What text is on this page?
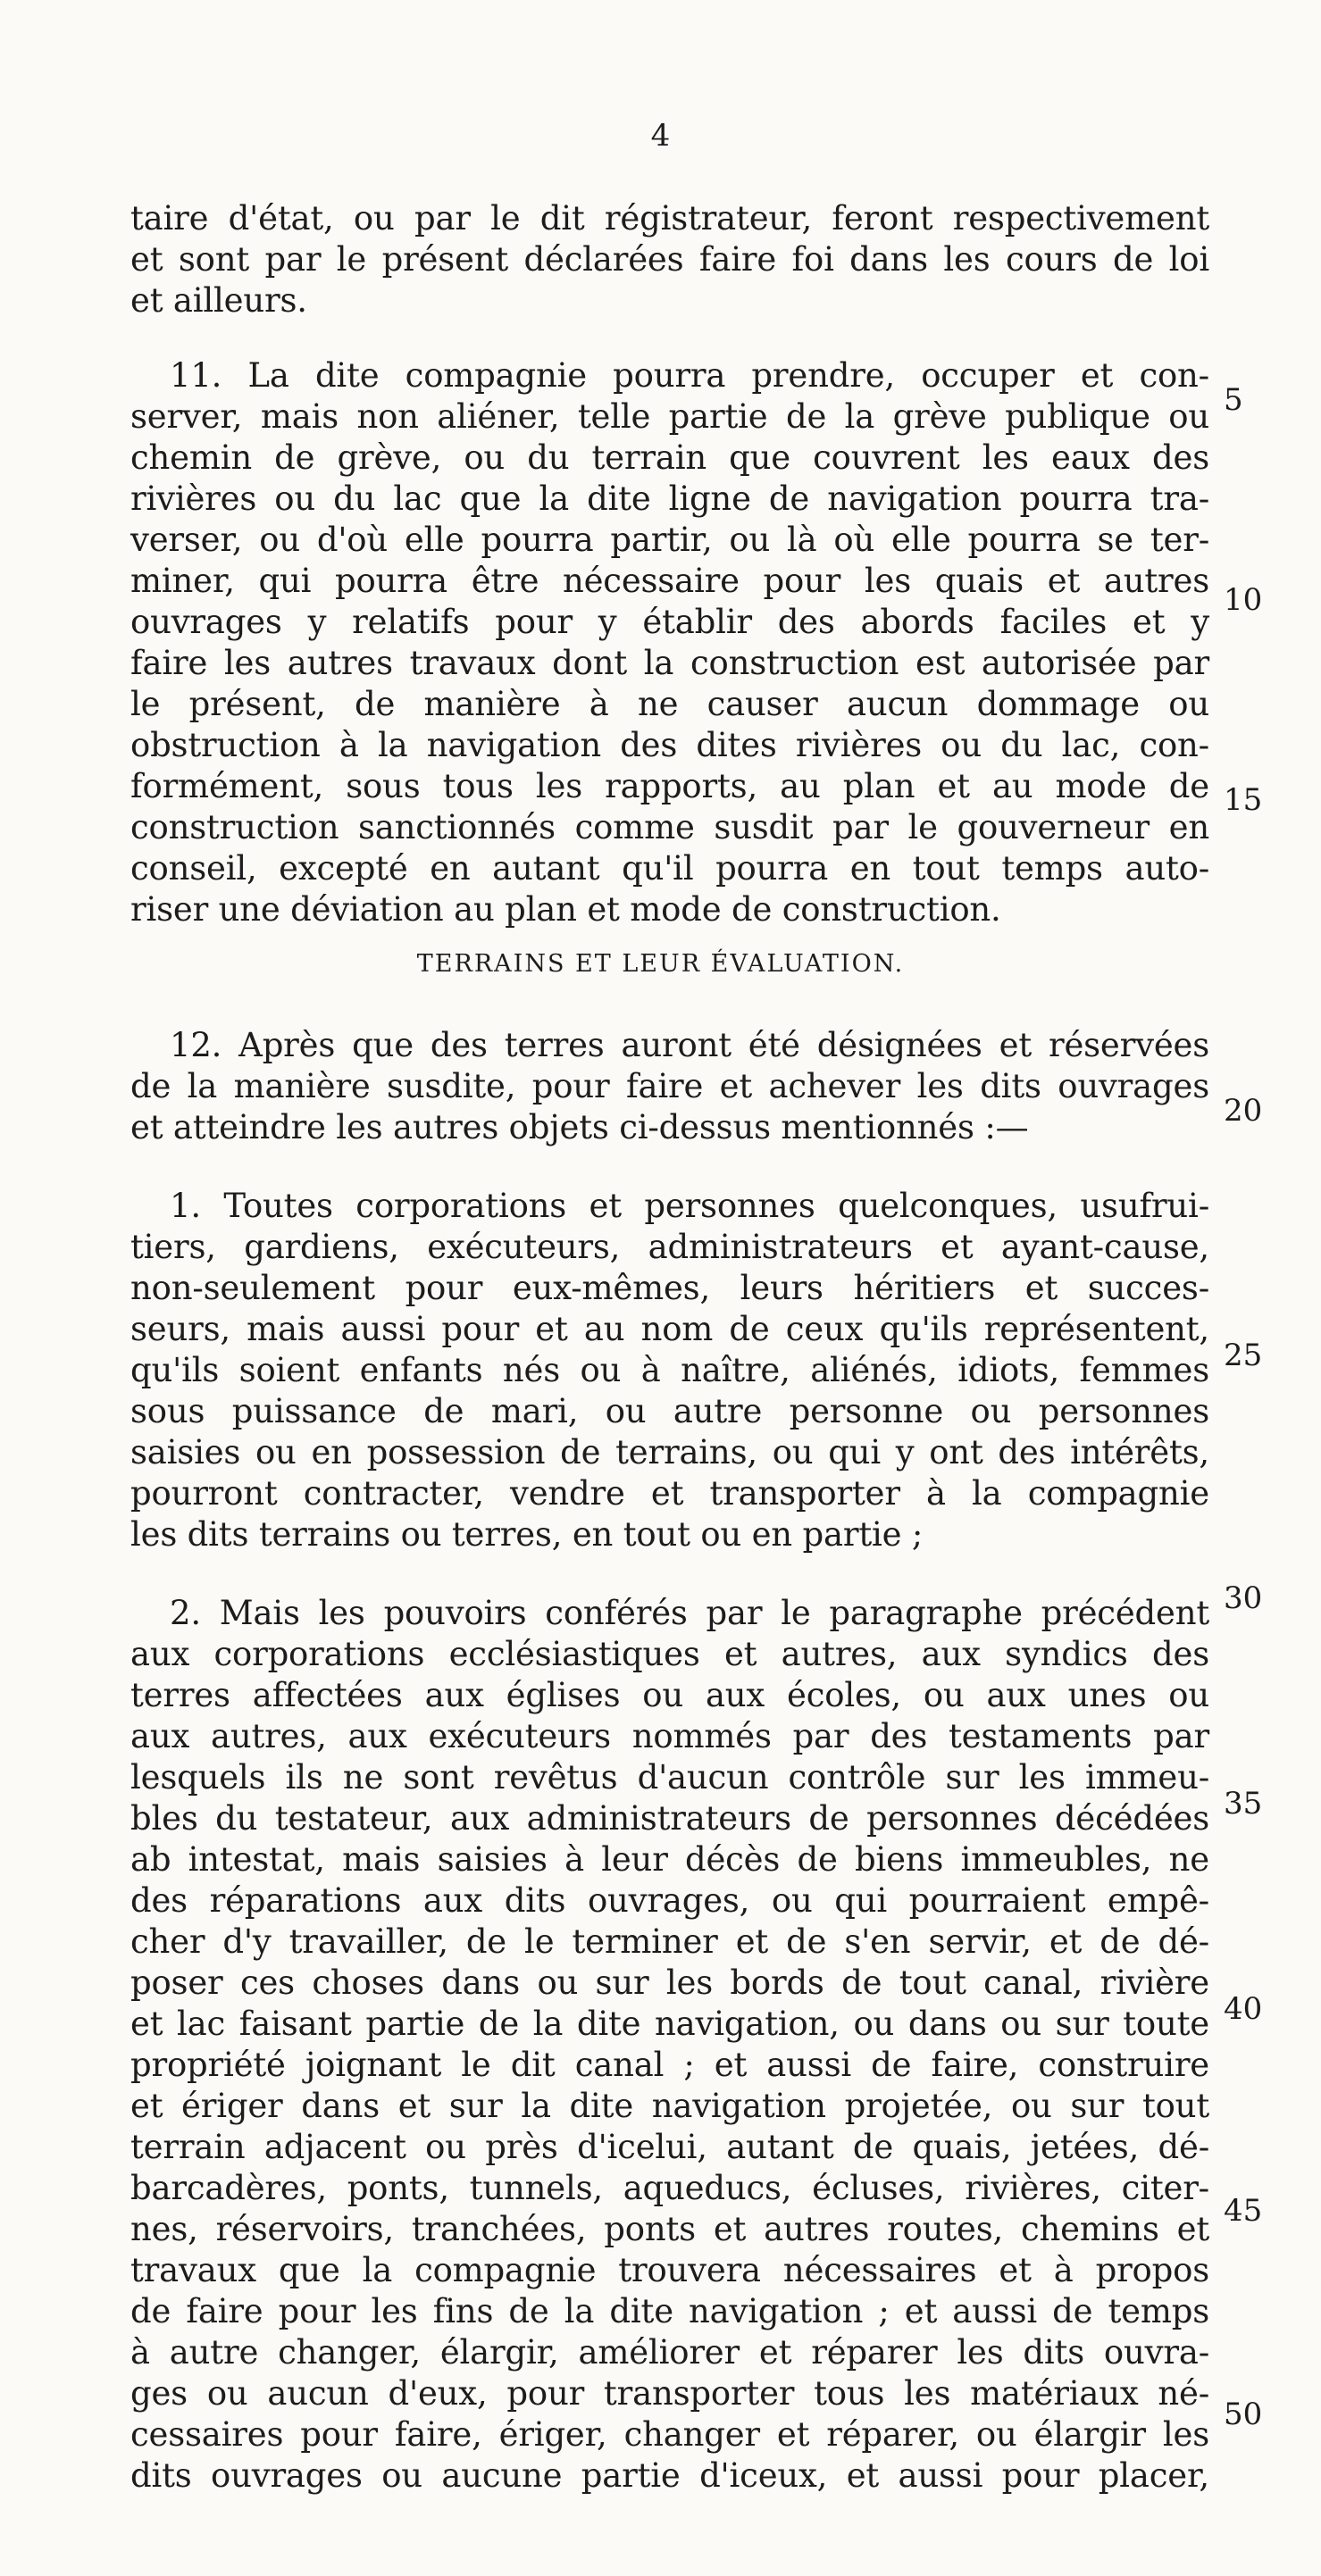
4
taire d'état, ou par le dit régistrateur, feront respectivement
et sont par le présent déclarées faire foi dans les cours de loi
et ailleurs.
11. La dite compagnie pourra prendre, occuper et con-
server, mais non aliéner, telle partie de la grève publique ou
chemin de grève, ou du terrain que couvrent les eaux des
rivières ou du lac que la dite ligne de navigation pourra tra-
verser, ou d'où elle pourra partir, ou là où elle pourra se ter-
miner, qui pourra être nécessaire pour les quais et autres
ouvrages y relatifs pour y établir des abords faciles et y
faire les autres travaux dont la construction est autorisée par
le présent, de manière à ne causer aucun dommage ou
obstruction à la navigation des dites rivières ou du lac, con-
formément, sous tous les rapports, au plan et au mode de
construction sanctionnés comme susdit par le gouverneur en
conseil, excepté en autant qu'il pourra en tout temps auto-
riser une déviation au plan et mode de construction.
TERRAINS ET LEUR ÉVALUATION.
12. Après que des terres auront été désignées et réservées
de la manière susdite, pour faire et achever les dits ouvrages
et atteindre les autres objets ci-dessus mentionnés :—
1. Toutes corporations et personnes quelconques, usufrui-
tiers, gardiens, exécuteurs, administrateurs et ayant-cause,
non-seulement pour eux-mêmes, leurs héritiers et succes-
seurs, mais aussi pour et au nom de ceux qu'ils représentent,
qu'ils soient enfants nés ou à naître, aliénés, idiots, femmes
sous puissance de mari, ou autre personne ou personnes
saisies ou en possession de terrains, ou qui y ont des intérêts,
pourront contracter, vendre et transporter à la compagnie
les dits terrains ou terres, en tout ou en partie ;
2. Mais les pouvoirs conférés par le paragraphe précédent
aux corporations ecclésiastiques et autres, aux syndics des
terres affectées aux églises ou aux écoles, ou aux unes ou
aux autres, aux exécuteurs nommés par des testaments par
lesquels ils ne sont revêtus d'aucun contrôle sur les immeu-
bles du testateur, aux administrateurs de personnes décédées
ab intestat, mais saisies à leur décès de biens immeubles, ne
des réparations aux dits ouvrages, ou qui pourraient empê-
cher d'y travailler, de le terminer et de s'en servir, et de dé-
poser ces choses dans ou sur les bords de tout canal, rivière
et lac faisant partie de la dite navigation, ou dans ou sur toute
propriété joignant le dit canal ; et aussi de faire, construire
et ériger dans et sur la dite navigation projetée, ou sur tout
terrain adjacent ou près d'icelui, autant de quais, jetées, dé-
barcadères, ponts, tunnels, aqueducs, écluses, rivières, citer-
nes, réservoirs, tranchées, ponts et autres routes, chemins et
travaux que la compagnie trouvera nécessaires et à propos
de faire pour les fins de la dite navigation ; et aussi de temps
à autre changer, élargir, améliorer et réparer les dits ouvra-
ges ou aucun d'eux, pour transporter tous les matériaux né-
cessaires pour faire, ériger, changer et réparer, ou élargir les
dits ouvrages ou aucune partie d'iceux, et aussi pour placer,
5
10
15
20
25
30
35
40
45
50
